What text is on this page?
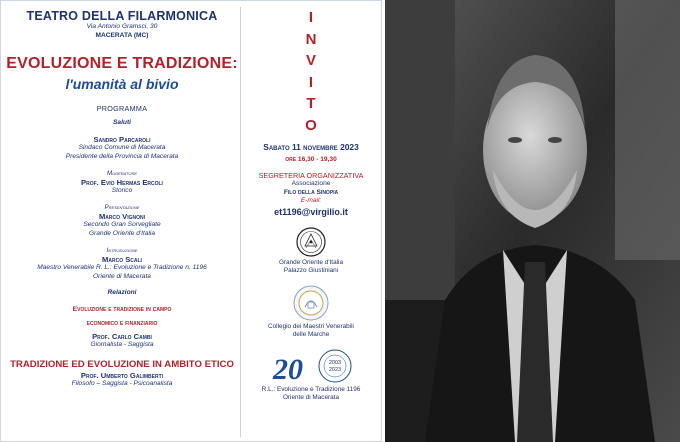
TEATRO DELLA FILARMONICA
Via Antonio Gramsci, 30
MACERATA (MC)
EVOLUZIONE E TRADIZIONE:
l'umanità al bivio
PROGRAMMA
Saluti
Sandro Parcaroli
Sindaco Comune di Macerata
Presidente della Provincia di Macerata
Moderatore
Prof. Evio Hermas Ercoli
Storico
Presentazione
Marco Vignoni
Secondo Gran Sorvegliate
Grande Oriente d'Italia
Introduzione
Marco Scali
Maestro Venerabile R. L.: Evoluzione e Tradizione n. 1196
Oriente di Macerata
Relazioni
Evoluzione e tradizione in campo
economico e finanziario
Prof. Carlo Cambi
Giornalista - Saggista
TRADIZIONE ED EVOLUZIONE IN AMBITO ETICO
Prof. Umberto Galimberti
Filosofo – Saggista - Psicoanalista
I
N
V
I
T
O
Sabato 11 novembre 2023
ore 16,30 - 19,30
SEGRETERIA ORGANIZZATIVA
Associazione
Filo della Sinopia
E-mail:
et1196@virgilio.it
Grande Oriente d'Italia
Palazzo Giustiniani
Collegio dei Maestri Venerabili
delle Marche
20	2003
2023
R.L.: Evoluzione e Tradizione 1196
Oriente di Macerata
